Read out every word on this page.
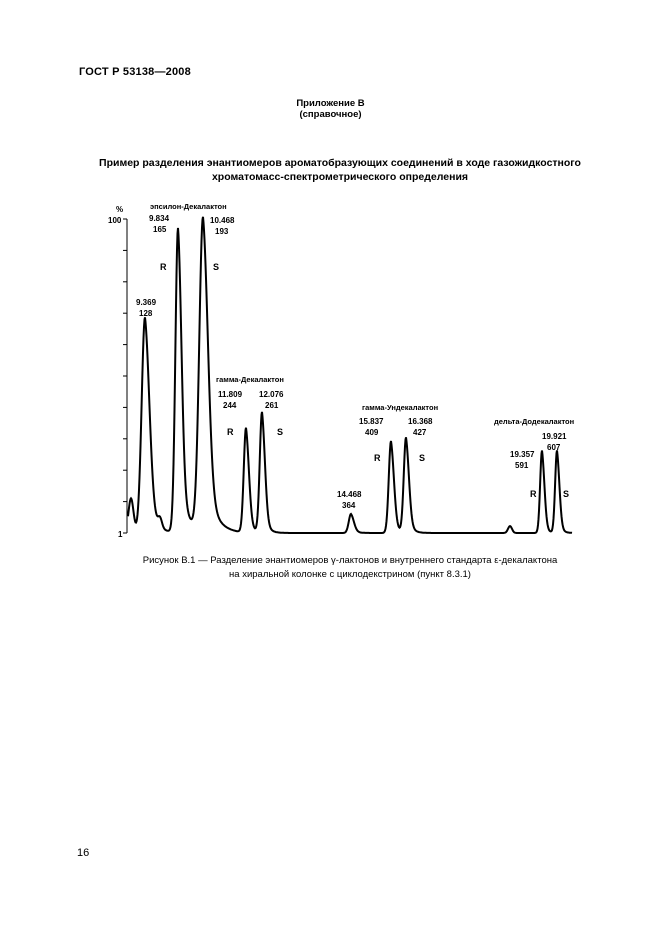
ГОСТ Р 53138—2008
Приложение В
(справочное)
Пример разделения энантиомеров ароматобразующих соединений в ходе газожидкостного
хроматомасс-спектрометрического определения
%
100
1
эпсилон-Декалактон
гамма-Декалактон
гамма-Ундекалактон
дельта-Додекалактон
9.369
128
9.834
165
R
10.468
193
S
11.809
244
R
12.076
261
S
14.468
364
15.837
409
R
16.368
427
S	19.357
591
R
19.921
607
S
Рисунок В.1 — Разделение энантиомеров γ-лактонов и внутреннего стандарта ε-декалактона
на хиральной колонке с циклодекстрином (пункт 8.3.1)
16
